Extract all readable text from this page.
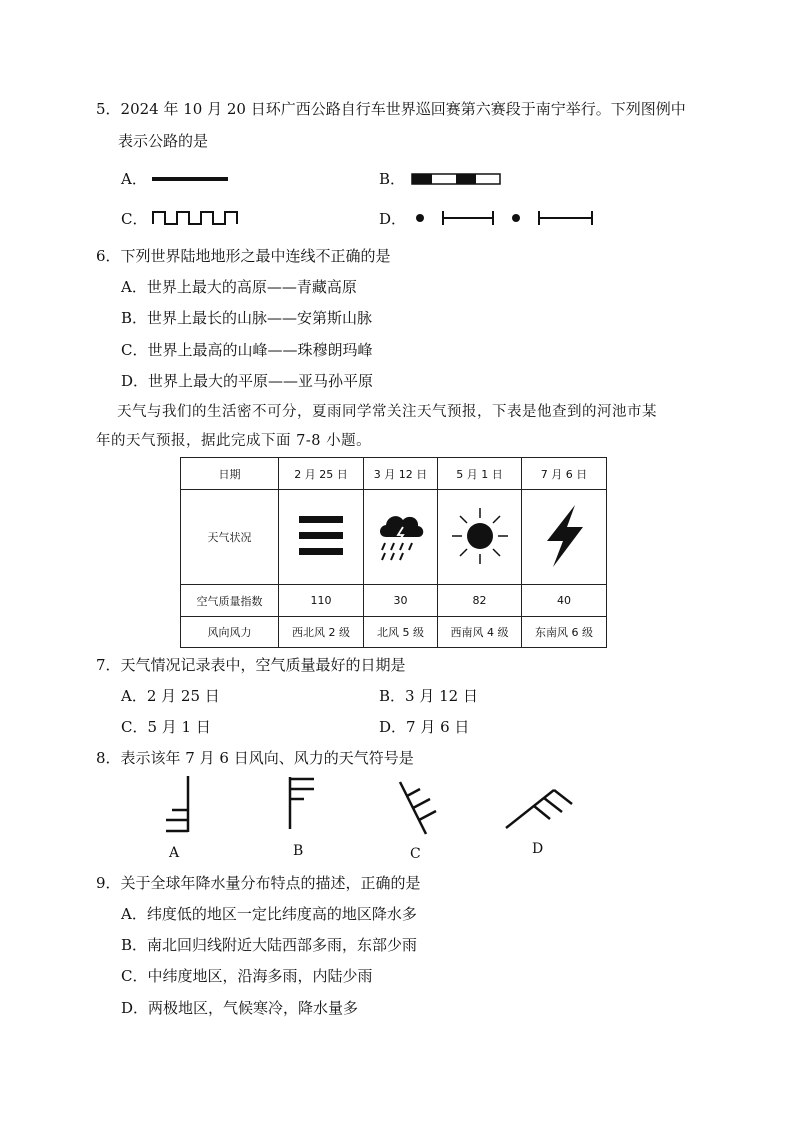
5．2024 年 10 月 20 日环广西公路自行车世界巡回赛第六赛段于南宁举行。下列图例中
表示公路的是
A．	B．
C．	D．
6．下列世界陆地地形之最中连线不正确的是
A．世界上最大的高原——青藏高原
B．世界上最长的山脉——安第斯山脉
C．世界上最高的山峰——珠穆朗玛峰
D．世界上最大的平原——亚马孙平原
天气与我们的生活密不可分，夏雨同学常关注天气预报，下表是他查到的河池市某
年的天气预报，据此完成下面 7-8 小题。
日期	2 月 25 日	3 月 12 日	5 月 1 日	7 月 6 日
天气状况				
空气质量指数	110	30	82	40
风向风力	西北风 2 级	北风 5 级	西南风 4 级	东南风 6 级
7．天气情况记录表中，空气质量最好的日期是
A．2 月 25 日	B．3 月 12 日
C．5 月 1 日	D．7 月 6 日
8．表示该年 7 月 6 日风向、风力的天气符号是
A	B	C	D
9．关于全球年降水量分布特点的描述，正确的是
A．纬度低的地区一定比纬度高的地区降水多
B．南北回归线附近大陆西部多雨，东部少雨
C．中纬度地区，沿海多雨，内陆少雨
D．两极地区，气候寒冷，降水量多
